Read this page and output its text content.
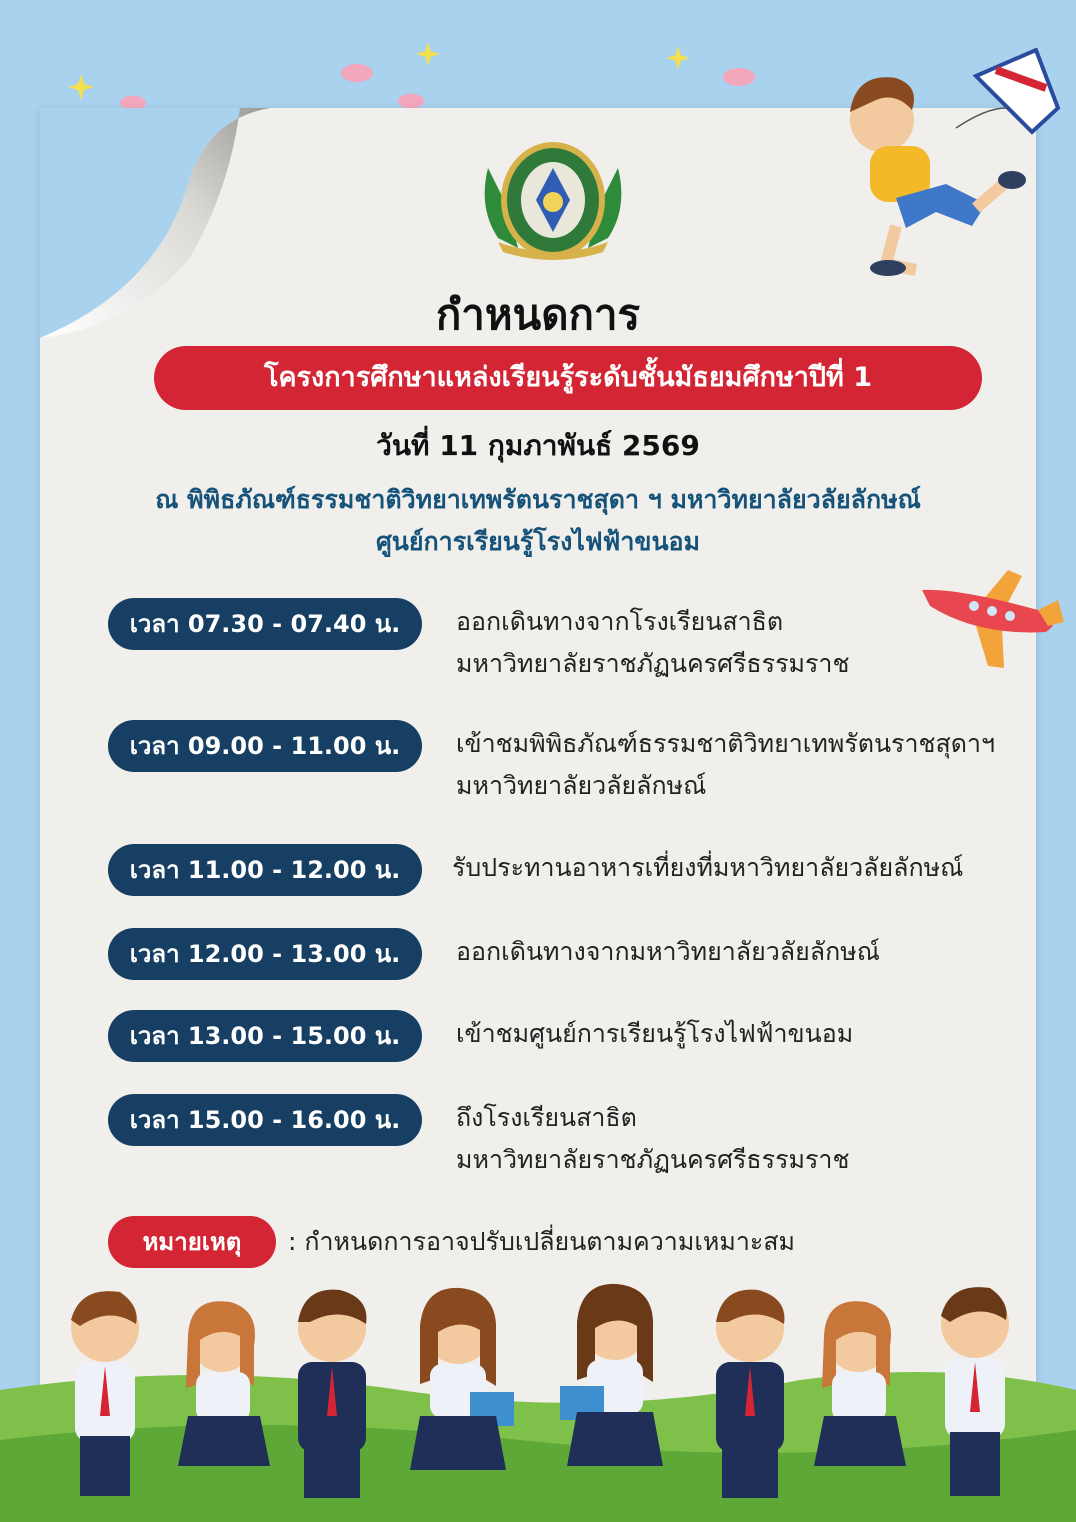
กำหนดการ
โครงการศึกษาแหล่งเรียนรู้ระดับชั้นมัธยมศึกษาปีที่ 1
วันที่ 11 กุมภาพันธ์ 2569
ณ พิพิธภัณฑ์ธรรมชาติวิทยาเทพรัตนราชสุดา ฯ มหาวิทยาลัยวลัยลักษณ์
ศูนย์การเรียนรู้โรงไฟฟ้าขนอม
เวลา 07.30 - 07.40 น.	ออกเดินทางจากโรงเรียนสาธิต
มหาวิทยาลัยราชภัฏนครศรีธรรมราช
เวลา 09.00 - 11.00 น.	เข้าชมพิพิธภัณฑ์ธรรมชาติวิทยาเทพรัตนราชสุดาฯ
มหาวิทยาลัยวลัยลักษณ์
เวลา 11.00 - 12.00 น.	รับประทานอาหารเที่ยงที่มหาวิทยาลัยวลัยลักษณ์
เวลา 12.00 - 13.00 น.	ออกเดินทางจากมหาวิทยาลัยวลัยลักษณ์
เวลา 13.00 - 15.00 น.	เข้าชมศูนย์การเรียนรู้โรงไฟฟ้าขนอม
เวลา 15.00 - 16.00 น.	ถึงโรงเรียนสาธิต
มหาวิทยาลัยราชภัฏนครศรีธรรมราช
หมายเหตุ	: กำหนดการอาจปรับเปลี่ยนตามความเหมาะสม
